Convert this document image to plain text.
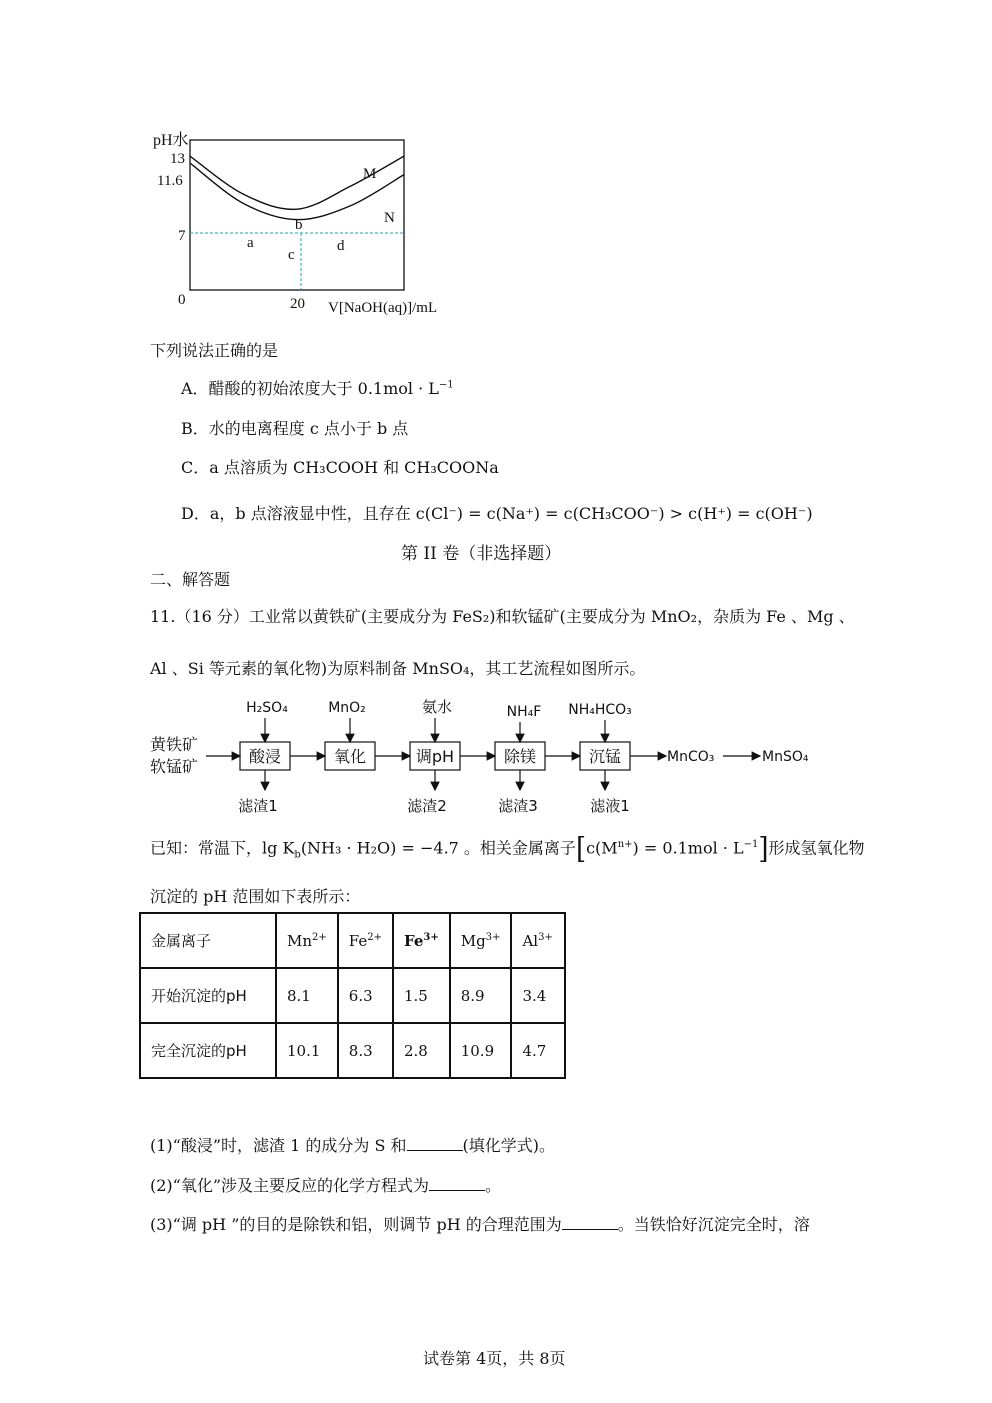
pH水
13
11.6
7
0
M
N
a
b
c
d
20 V[NaOH(aq)]/mL
下列说法正确的是
A．醋酸的初始浓度大于 $0.1mol \cdot L^{-1}$
B．水的电离程度 c 点小于 b 点
C．a 点溶质为 CH₃COOH 和 CH₃COONa
D．a，b 点溶液显中性，且存在 c(Cl⁻) = c(Na⁺) = c(CH₃COO⁻) > c(H⁺) = c(OH⁻)
第 II 卷（非选择题）
二、解答题
11.（16 分）工业常以黄铁矿(主要成分为 FeS₂)和软锰矿(主要成分为 MnO₂，杂质为 Fe 、Mg 、
Al 、Si 等元素的氧化物)为原料制备 MnSO₄，其工艺流程如图所示。
黄铁矿
软锰矿
酸浸	氧化	调pH	除镁	沉锰	MnCO₃	MnSO₄
H₂SO₄	MnO₂	氨水	NH₄F NH₄HCO₃
滤渣1	滤渣2	滤渣3	滤液1
已知：常温下，$\lg K_b(NH_3 \cdot H_2O) = -4.7$ 。相关金属离子$[c(M^{n+}) = 0.1mol \cdot L^{-1}]$形成氢氧化物
沉淀的 pH 范围如下表所示：
金属离子	$Mn^{2+}$	$Fe^{2+}$	$Fe^{3+}$	$Mg^{3+}$	$Al^{3+}$
开始沉淀的pH	8.1	6.3	1.5	8.9	3.4
完全沉淀的pH	10.1	8.3	2.8	10.9	4.7
(1)“酸浸”时，滤渣 1 的成分为 S 和	(填化学式)。
(2)“氧化”涉及主要反应的化学方程式为	。
(3)“调 pH ”的目的是除铁和铝，则调节 pH 的合理范围为	。当铁恰好沉淀完全时，溶
试卷第 4页，共 8页
